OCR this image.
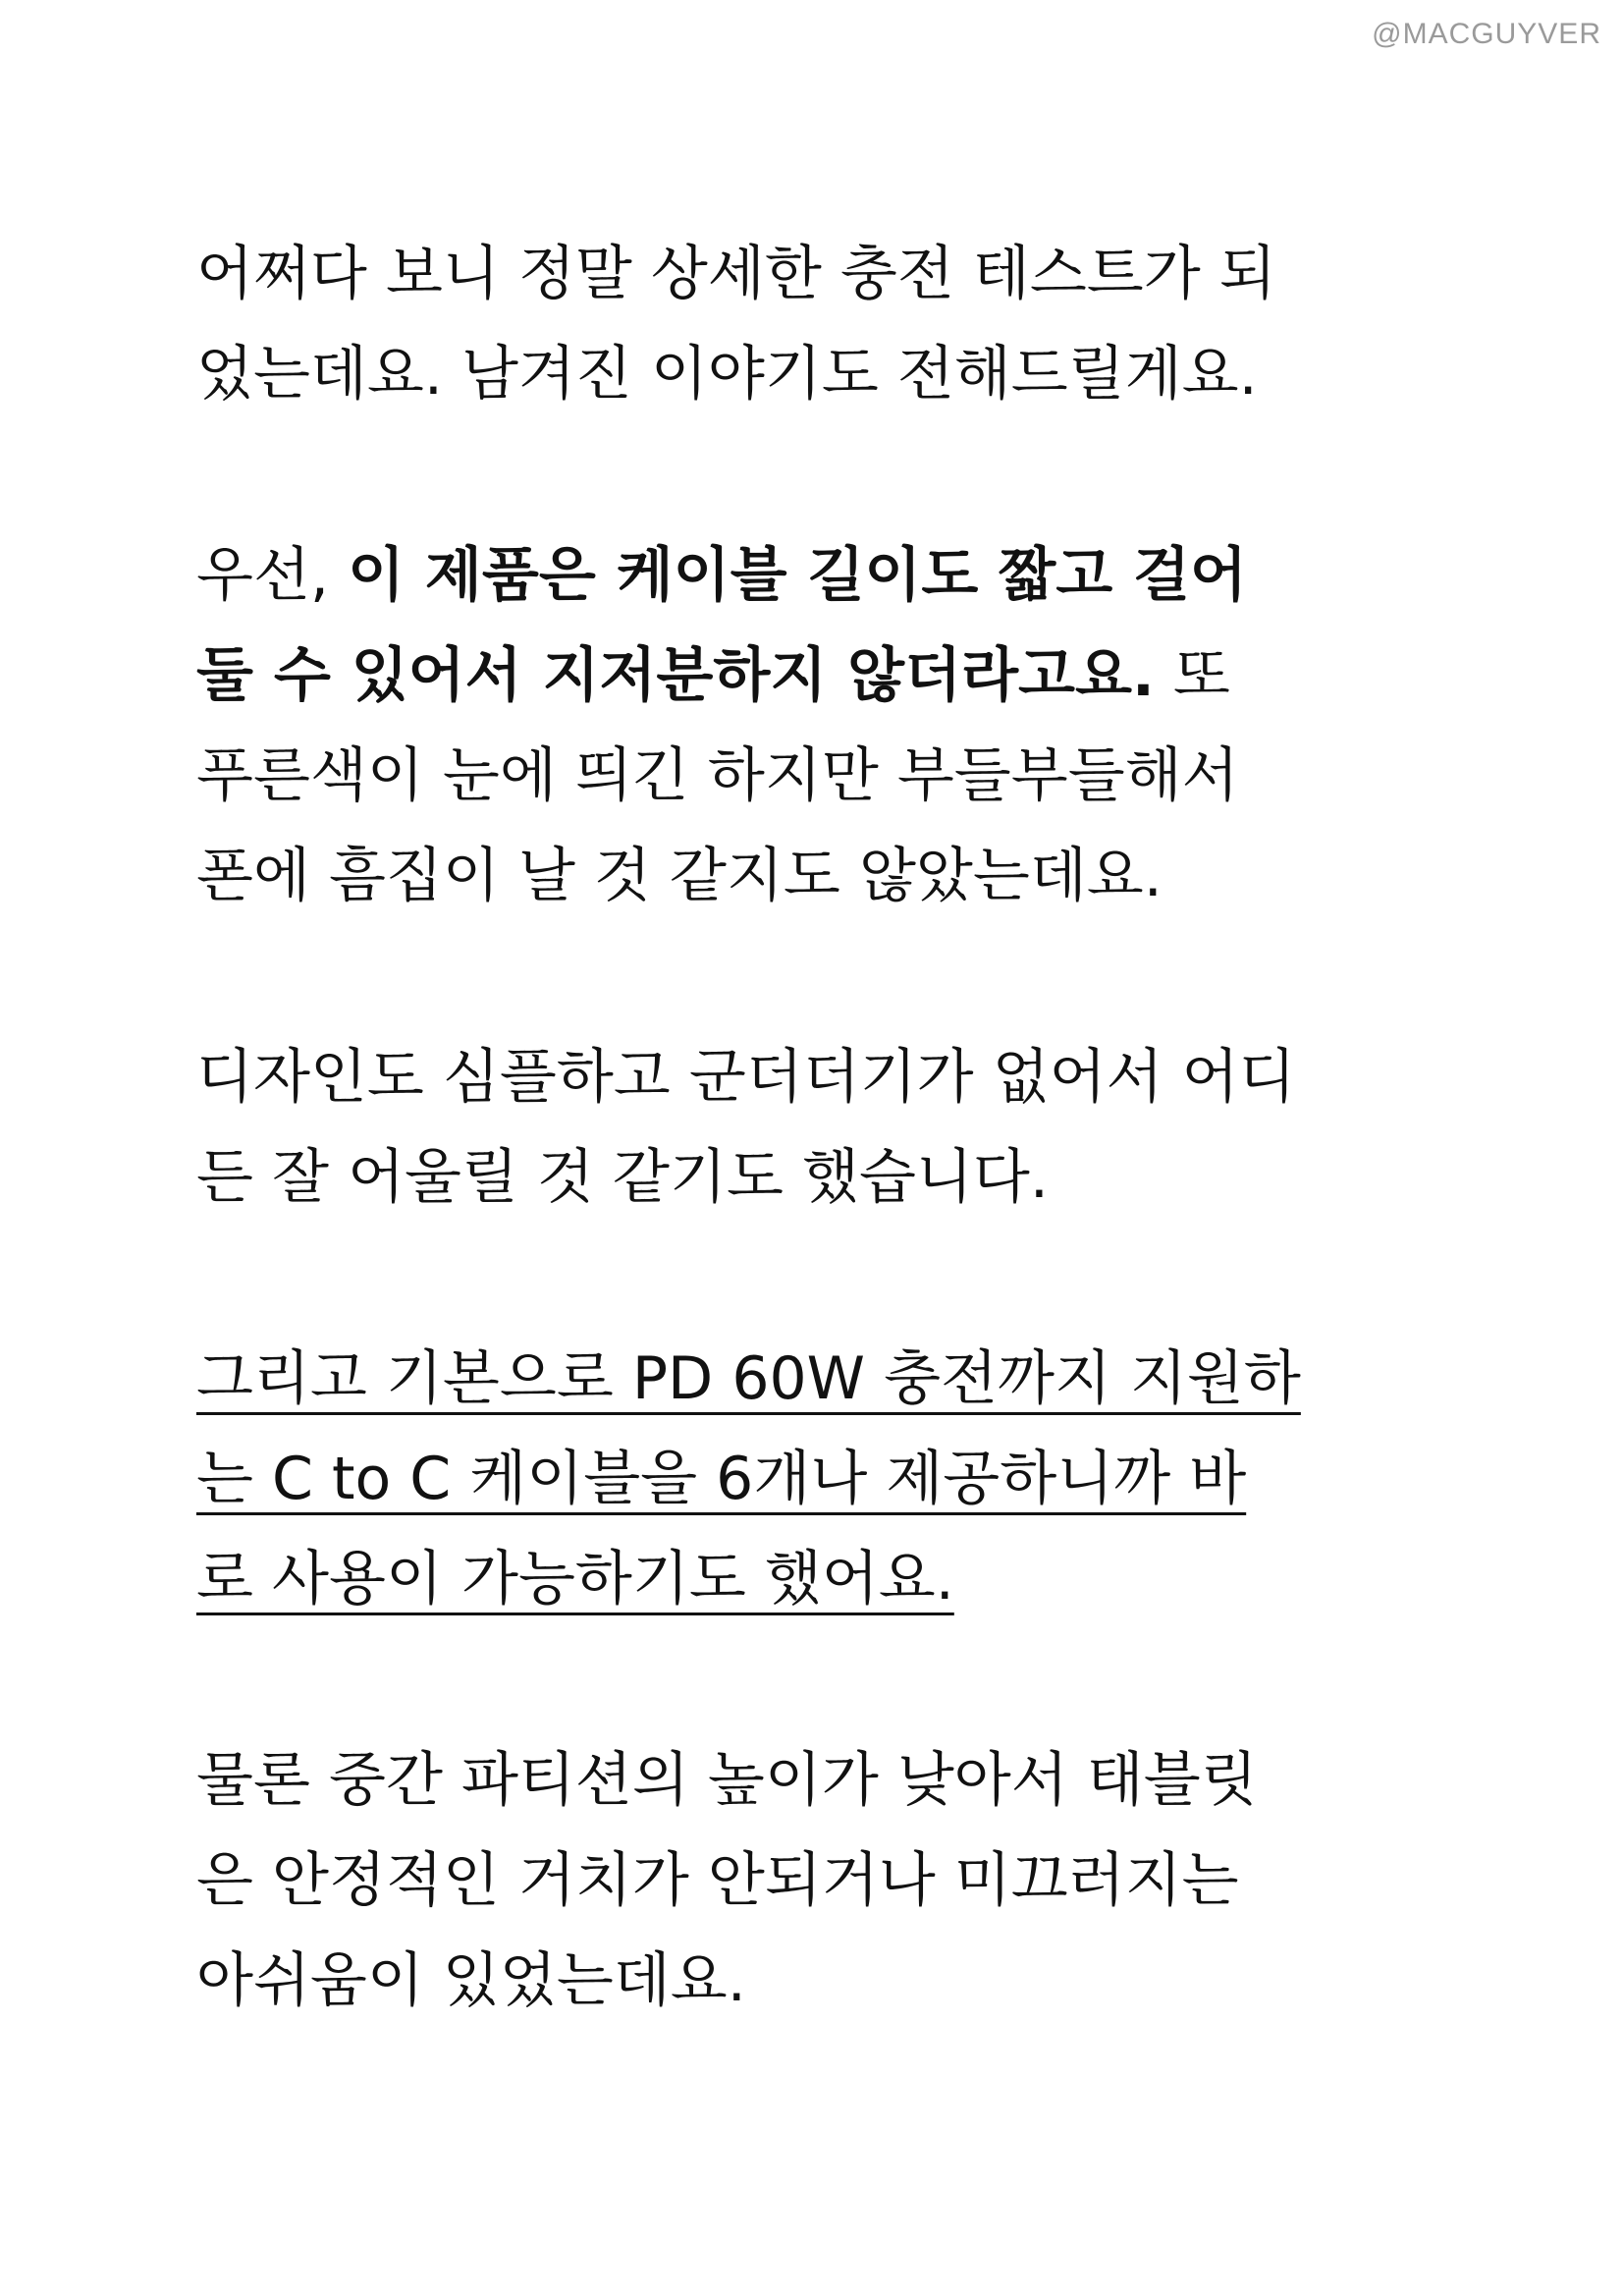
@MACGUYVER

어쩌다 보니 정말 상세한 충전 테스트가 되
었는데요. 남겨진 이야기도 전해드릴게요.

우선, 이 제품은 케이블 길이도 짧고 걸어
둘 수 있어서 지저분하지 않더라고요. 또
푸른색이 눈에 띄긴 하지만 부들부들해서
폰에 흠집이 날 것 같지도 않았는데요.

디자인도 심플하고 군더더기가 없어서 어디
든 잘 어울릴 것 같기도 했습니다.

그리고 기본으로 PD 60W 충전까지 지원하
는 C to C 케이블을 6개나 제공하니까 바
로 사용이 가능하기도 했어요.

물론 중간 파티션의 높이가 낮아서 태블릿
은 안정적인 거치가 안되거나 미끄러지는
아쉬움이 있었는데요.
